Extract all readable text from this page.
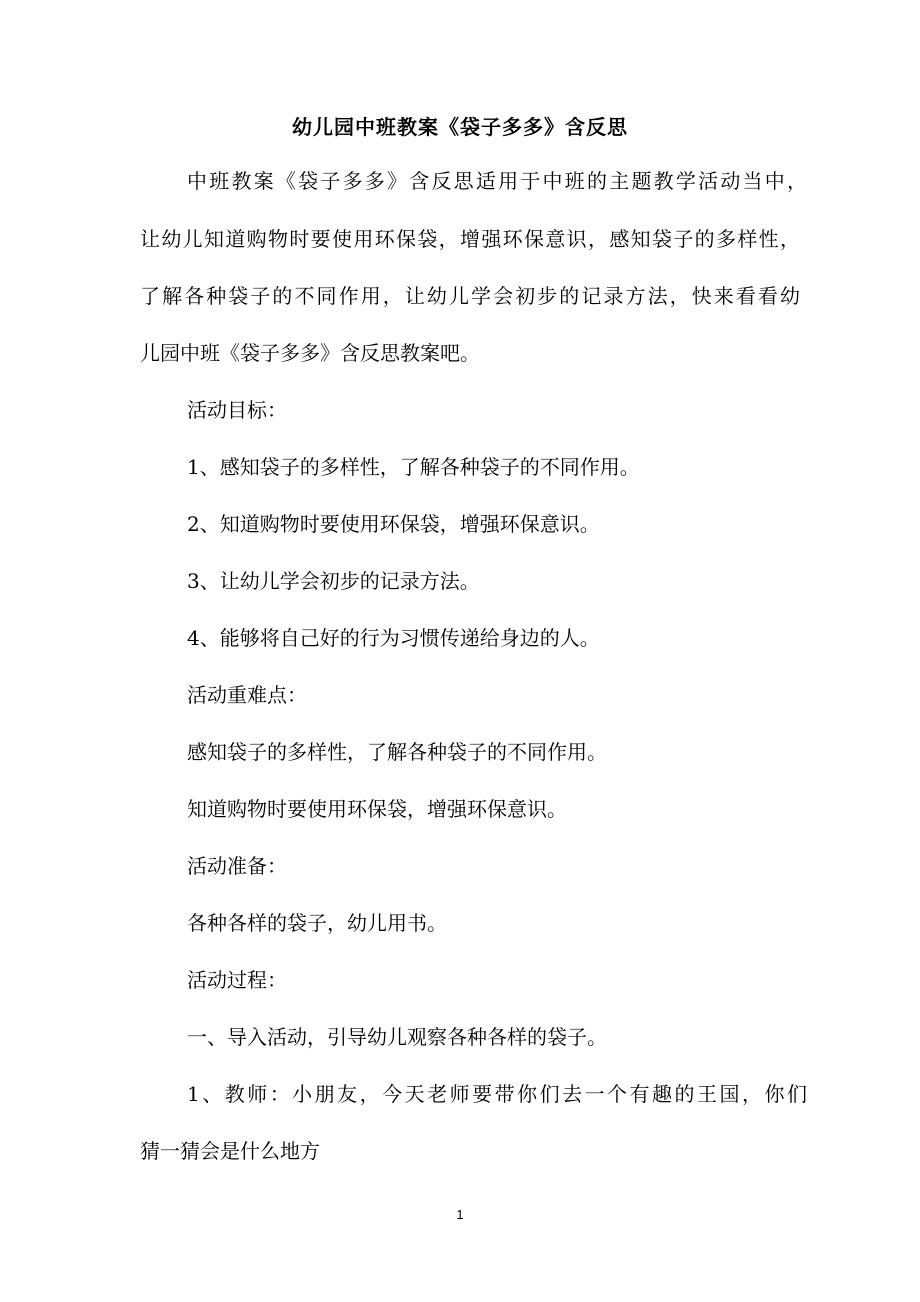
幼儿园中班教案《袋子多多》含反思

中班教案《袋子多多》含反思适用于中班的主题教学活动当中，

让幼儿知道购物时要使用环保袋，增强环保意识，感知袋子的多样性，

了解各种袋子的不同作用，让幼儿学会初步的记录方法，快来看看幼

儿园中班《袋子多多》含反思教案吧。

活动目标：

1、感知袋子的多样性，了解各种袋子的不同作用。

2、知道购物时要使用环保袋，增强环保意识。

3、让幼儿学会初步的记录方法。

4、能够将自己好的行为习惯传递给身边的人。

活动重难点：

感知袋子的多样性，了解各种袋子的不同作用。

知道购物时要使用环保袋，增强环保意识。

活动准备：

各种各样的袋子，幼儿用书。

活动过程：

一、导入活动，引导幼儿观察各种各样的袋子。

1、教师：小朋友，今天老师要带你们去一个有趣的王国，你们

猜一猜会是什么地方

1
